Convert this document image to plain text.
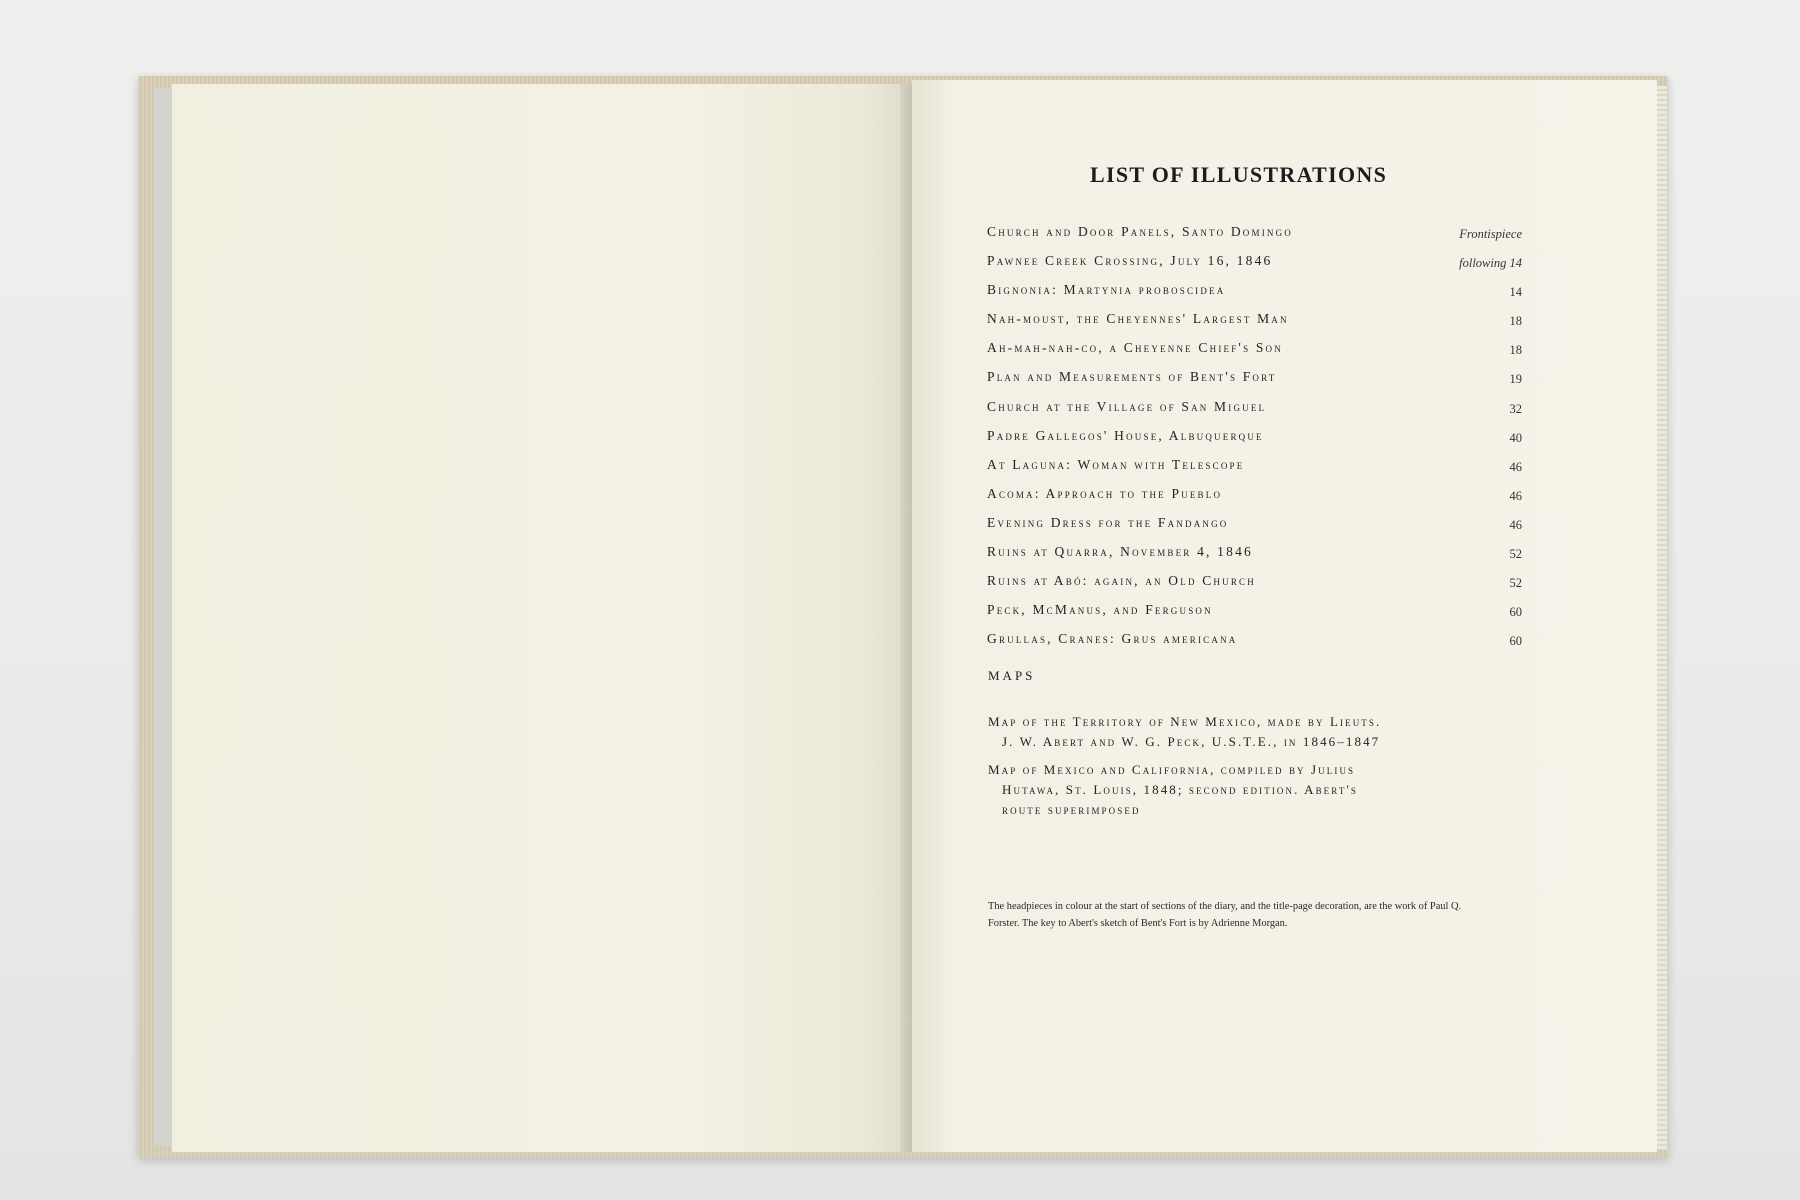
LIST OF ILLUSTRATIONS
Church and Door Panels, Santo Domingo	Frontispiece
Pawnee Creek Crossing, July 16, 1846	following 14
Bignonia: Martynia proboscidea	14
Nah-moust, the Cheyennes' Largest Man	18
Ah-mah-nah-co, a Cheyenne Chief's Son	18
Plan and Measurements of Bent's Fort	19
Church at the Village of San Miguel	32
Padre Gallegos' House, Albuquerque	40
At Laguna: Woman with Telescope	46
Acoma: Approach to the Pueblo	46
Evening Dress for the Fandango	46
Ruins at Quarra, November 4, 1846	52
Ruins at Abó: again, an Old Church	52
Peck, McManus, and Ferguson	60
Grullas, Cranes: Grus americana	60
MAPS
Map of the Territory of New Mexico, made by Lieuts.
J. W. Abert and W. G. Peck, U.S.T.E., in 1846–1847
Map of Mexico and California, compiled by Julius
Hutawa, St. Louis, 1848; second edition. Abert's
route superimposed
The headpieces in colour at the start of sections of the diary, and the title-page decoration, are the work of Paul Q.
Forster. The key to Abert's sketch of Bent's Fort is by Adrienne Morgan.
